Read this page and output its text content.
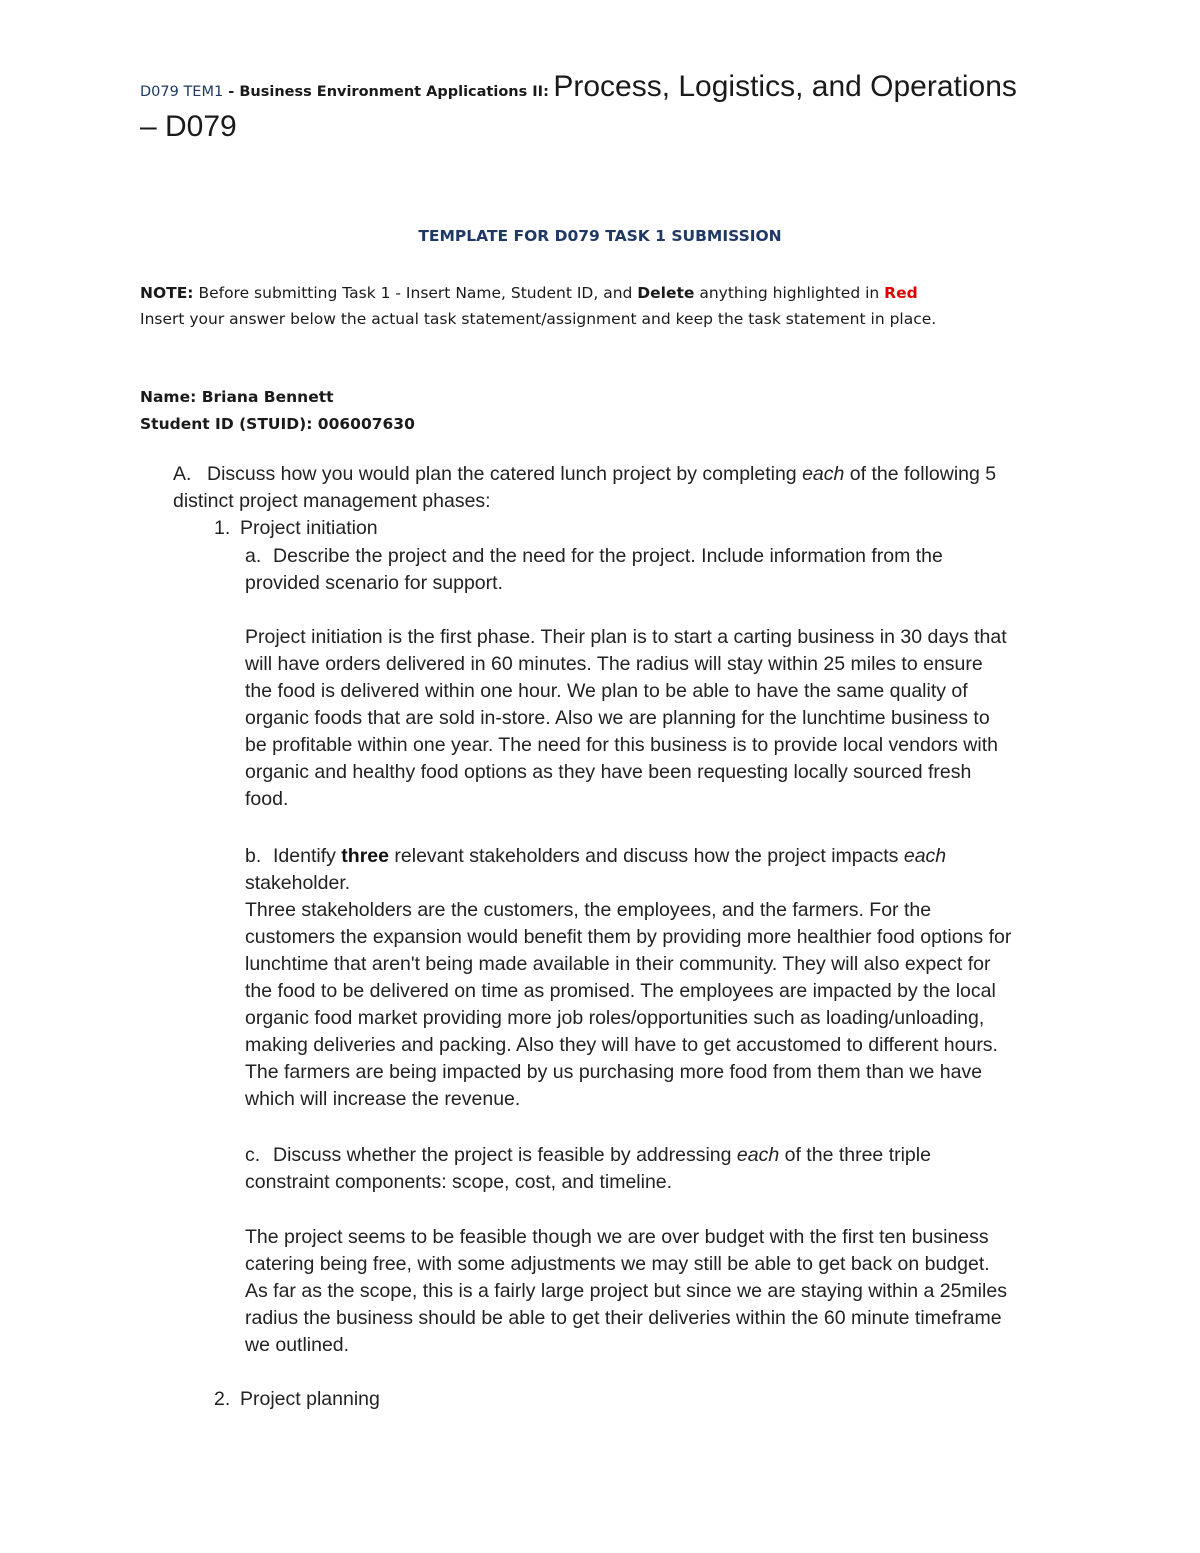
D079 TEM1 - Business Environment Applications II: Process, Logistics, and Operations
– D079
TEMPLATE FOR D079 TASK 1 SUBMISSION
NOTE: Before submitting Task 1 - Insert Name, Student ID, and Delete anything highlighted in Red
Insert your answer below the actual task statement/assignment and keep the task statement in place.
Name: Briana Bennett
Student ID (STUID): 006007630
A. Discuss how you would plan the catered lunch project by completing each of the following 5
distinct project management phases:
1. Project initiation
a. Describe the project and the need for the project. Include information from the
provided scenario for support.
Project initiation is the first phase. Their plan is to start a carting business in 30 days that
will have orders delivered in 60 minutes. The radius will stay within 25 miles to ensure
the food is delivered within one hour. We plan to be able to have the same quality of
organic foods that are sold in-store. Also we are planning for the lunchtime business to
be profitable within one year. The need for this business is to provide local vendors with
organic and healthy food options as they have been requesting locally sourced fresh
food.
b. Identify three relevant stakeholders and discuss how the project impacts each
stakeholder.
Three stakeholders are the customers, the employees, and the farmers. For the
customers the expansion would benefit them by providing more healthier food options for
lunchtime that aren't being made available in their community. They will also expect for
the food to be delivered on time as promised. The employees are impacted by the local
organic food market providing more job roles/opportunities such as loading/unloading,
making deliveries and packing. Also they will have to get accustomed to different hours.
The farmers are being impacted by us purchasing more food from them than we have
which will increase the revenue.
c. Discuss whether the project is feasible by addressing each of the three triple
constraint components: scope, cost, and timeline.
The project seems to be feasible though we are over budget with the first ten business
catering being free, with some adjustments we may still be able to get back on budget.
As far as the scope, this is a fairly large project but since we are staying within a 25miles
radius the business should be able to get their deliveries within the 60 minute timeframe
we outlined.
2. Project planning
